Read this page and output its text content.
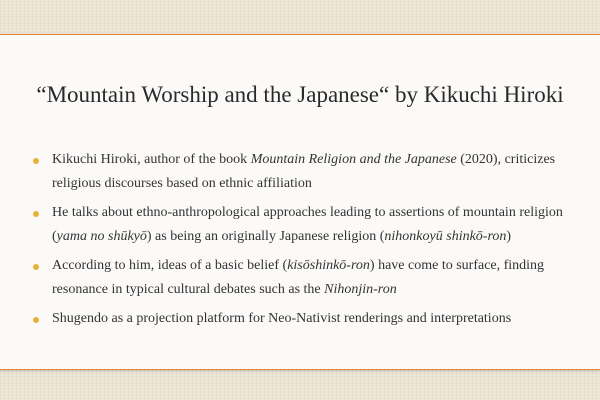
“Mountain Worship and the Japanese“ by Kikuchi Hiroki
Kikuchi Hiroki, author of the book Mountain Religion and the Japanese (2020), criticizes religious discourses based on ethnic affiliation
He talks about ethno-anthropological approaches leading to assertions of mountain religion (yama no shūkyō) as being an originally Japanese religion (nihonkoyū shinkō-ron)
According to him, ideas of a basic belief (kisōshinkō-ron) have come to surface, finding resonance in typical cultural debates such as the Nihonjin-ron
Shugendo as a projection platform for Neo-Nativist renderings and interpretations
